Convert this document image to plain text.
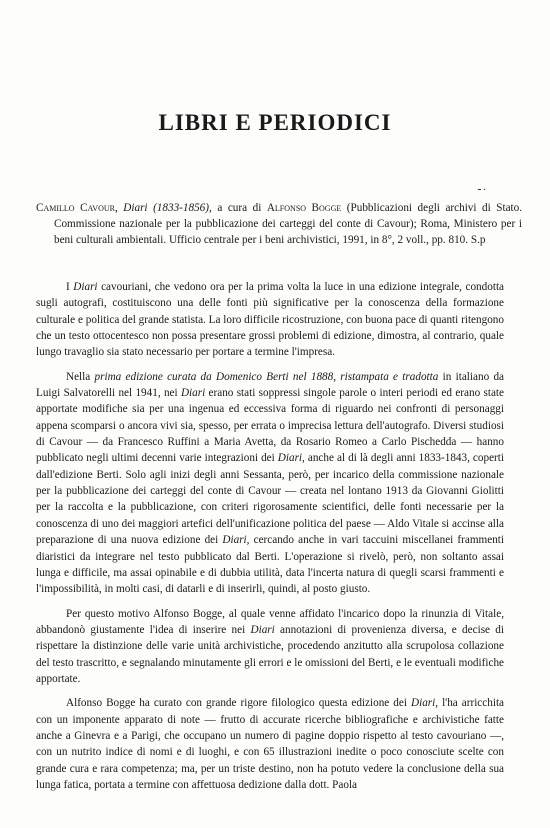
LIBRI E PERIODICI
ـ .
Camillo Cavour, Diari (1833-1856), a cura di Alfonso Bogge (Pubblicazioni degli archivi di Stato. Commissione nazionale per la pubblicazione dei carteggi del conte di Cavour); Roma, Ministero per i beni culturali ambientali. Ufficio centrale per i beni archivistici, 1991, in 8°, 2 voll., pp. 810. S.p

I Diari cavouriani, che vedono ora per la prima volta la luce in una edizione integrale, condotta sugli autografi, costituiscono una delle fonti più significative per la conoscenza della formazione culturale e politica del grande statista. La loro difficile ricostruzione, con buona pace di quanti ritengono che un testo ottocentesco non possa presentare grossi problemi di edizione, dimostra, al contrario, quale lungo travaglio sia stato necessario per portare a termine l'impresa.

Nella prima edizione curata da Domenico Berti nel 1888, ristampata e tradotta in italiano da Luigi Salvatorelli nel 1941, nei Diari erano stati soppressi singole parole o interi periodi ed erano state apportate modifiche sia per una ingenua ed eccessiva forma di riguardo nei confronti di personaggi appena scomparsi o ancora vivi sia, spesso, per errata o imprecisa lettura dell'autografo. Diversi studiosi di Cavour — da Francesco Ruffini a Maria Avetta, da Rosario Romeo a Carlo Pischedda — hanno pubblicato negli ultimi decenni varie integrazioni dei Diari, anche al di là degli anni 1833-1843, coperti dall'edizione Berti. Solo agli inizi degli anni Sessanta, però, per incarico della commissione nazionale per la pubblicazione dei carteggi del conte di Cavour — creata nel lontano 1913 da Giovanni Giolitti per la raccolta e la pubblicazione, con criteri rigorosamente scientifici, delle fonti necessarie per la conoscenza di uno dei maggiori artefici dell'unificazione politica del paese — Aldo Vitale si accinse alla preparazione di una nuova edizione dei Diari, cercando anche in vari taccuini miscellanei frammenti diaristici da integrare nel testo pubblicato dal Berti. L'operazione si rivelò, però, non soltanto assai lunga e difficile, ma assai opinabile e di dubbia utilità, data l'incerta natura di quegli scarsi frammenti e l'impossibilità, in molti casi, di datarli e di inserirli, quindi, al posto giusto.

Per questo motivo Alfonso Bogge, al quale venne affidato l'incarico dopo la rinunzia di Vitale, abbandonò giustamente l'idea di inserire nei Diari annotazioni di provenienza diversa, e decise di rispettare la distinzione delle varie unità archivistiche, procedendo anzitutto alla scrupolosa collazione del testo trascritto, e segnalando minutamente gli errori e le omissioni del Berti, e le eventuali modifiche apportate.

Alfonso Bogge ha curato con grande rigore filologico questa edizione dei Diari, l'ha arricchita con un imponente apparato di note — frutto di accurate ricerche bibliografiche e archivistiche fatte anche a Ginevra e a Parigi, che occupano un numero di pagine doppio rispetto al testo cavouriano —, con un nutrito indice di nomi e di luoghi, e con 65 illustrazioni inedite o poco conosciute scelte con grande cura e rara competenza; ma, per un triste destino, non ha potuto vedere la conclusione della sua lunga fatica, portata a termine con affettuosa dedizione dalla dott. Paola
